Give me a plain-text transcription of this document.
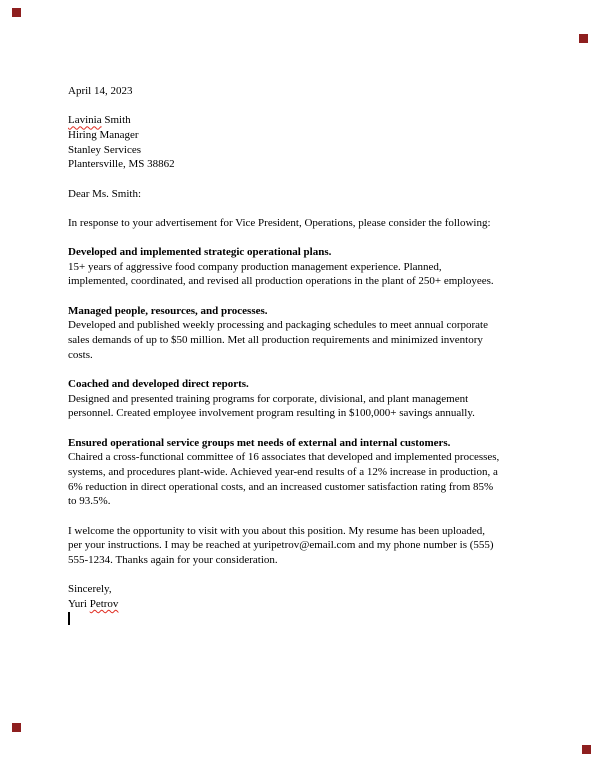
April 14, 2023
Lavinia Smith
Hiring Manager
Stanley Services
Plantersville, MS 38862
Dear Ms. Smith:
In response to your advertisement for Vice President, Operations, please consider the following:
Developed and implemented strategic operational plans.
15+ years of aggressive food company production management experience. Planned,
implemented, coordinated, and revised all production operations in the plant of 250+ employees.
Managed people, resources, and processes.
Developed and published weekly processing and packaging schedules to meet annual corporate
sales demands of up to $50 million. Met all production requirements and minimized inventory
costs.
Coached and developed direct reports.
Designed and presented training programs for corporate, divisional, and plant management
personnel. Created employee involvement program resulting in $100,000+ savings annually.
Ensured operational service groups met needs of external and internal customers.
Chaired a cross-functional committee of 16 associates that developed and implemented processes,
systems, and procedures plant-wide. Achieved year-end results of a 12% increase in production, a
6% reduction in direct operational costs, and an increased customer satisfaction rating from 85%
to 93.5%.
I welcome the opportunity to visit with you about this position. My resume has been uploaded,
per your instructions. I may be reached at yuripetrov@email.com and my phone number is (555)
555-1234. Thanks again for your consideration.
Sincerely,
Yuri Petrov
